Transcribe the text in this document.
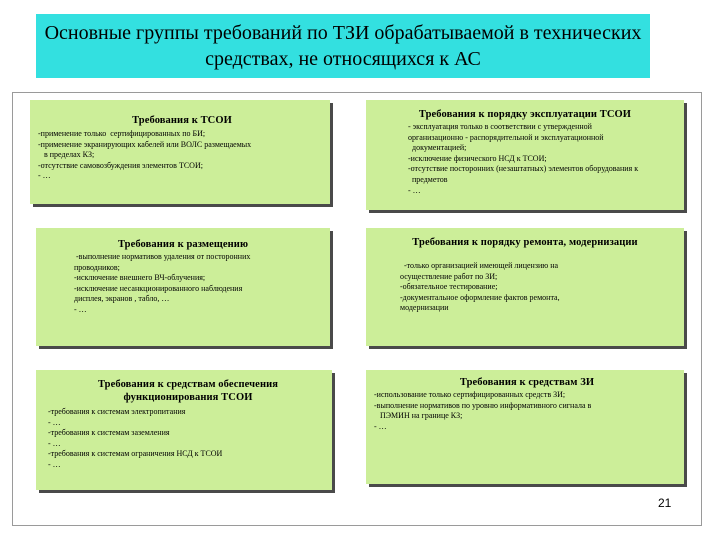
Основные группы требований по ТЗИ обрабатываемой в технических средствах, не относящихся к АС
Требования к ТСОИ
-применение только  сертифицированных по БИ;
-применение экранирующих кабелей или ВОЛС размещаемых
в пределах КЗ;
-отсутствие самовозбуждения элементов ТСОИ;
- …
Требования к порядку эксплуатации ТСОИ
- эксплуатация только в соответствии с утвержденной
организационно - распорядительной и эксплуатационной
документацией;
-исключение физического НСД к ТСОИ;
-отсутствие посторонних (незаштатных) элементов оборудования к
предметов
- …
Требования к размещению
-выполнение нормативов удаления от посторонних
проводников;
-исключение внешнего ВЧ-облучения;
-исключение несанкционированного наблюдения
дисплея, экранов , табло, …
- …
Требования к порядку ремонта, модернизации
-только организацией имеющей лицензию на
осуществление работ по ЗИ;
-обязательное тестирование;
-документальное оформление фактов ремонта,
модернизации
Требования к средствам обеспечения функционирования ТСОИ
-требования к системам электропитания
- …
-требования к системам заземления
- …
-требования к системам ограничения НСД к ТСОИ
- …
Требования к средствам ЗИ
-использование только сертифицированных средств ЗИ;
-выполнение нормативов по уровню информативного сигнала в
ПЭМИН на границе КЗ;
- …
21
